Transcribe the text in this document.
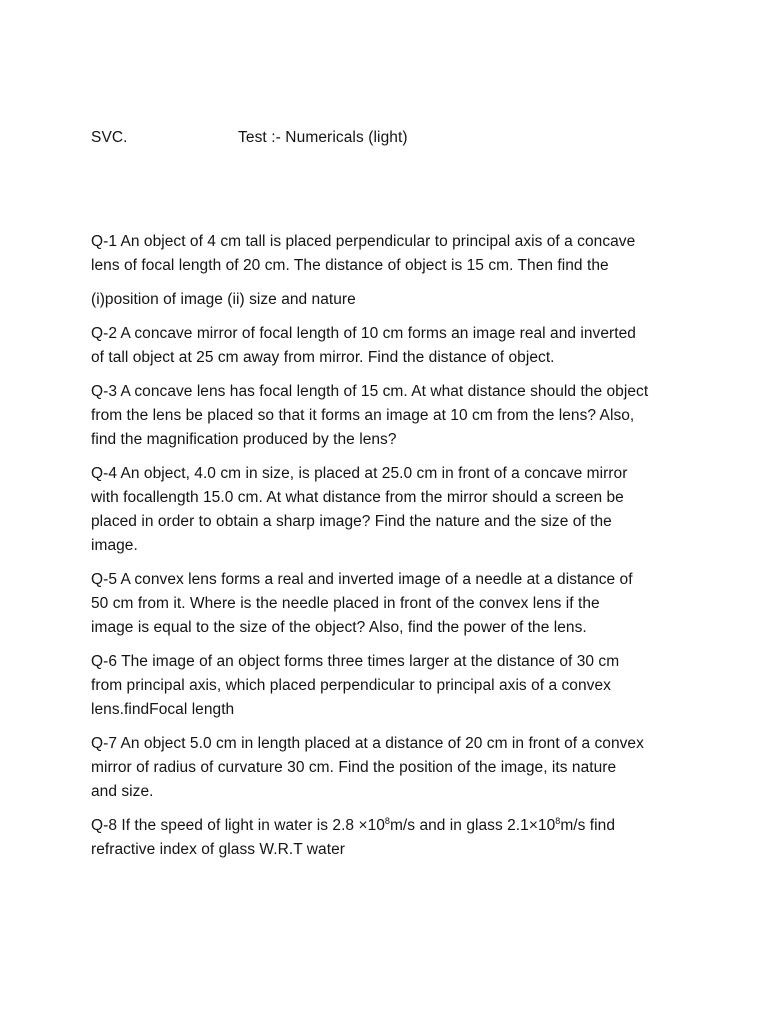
SVC.	Test :- Numericals (light)
Q-1 An object of 4 cm tall is placed perpendicular to principal axis of a concave
lens of focal length of 20 cm. The distance of object is 15 cm. Then find the
(i)position of image (ii) size and nature
Q-2 A concave mirror of focal length of 10 cm forms an image real and inverted
of tall object at 25 cm away from mirror. Find the distance of object.
Q-3 A concave lens has focal length of 15 cm. At what distance should the object
from the lens be placed so that it forms an image at 10 cm from the lens? Also,
find the magnification produced by the lens?
Q-4 An object, 4.0 cm in size, is placed at 25.0 cm in front of a concave mirror
with focallength 15.0 cm. At what distance from the mirror should a screen be
placed in order to obtain a sharp image? Find the nature and the size of the
image.
Q-5 A convex lens forms a real and inverted image of a needle at a distance of
50 cm from it. Where is the needle placed in front of the convex lens if the
image is equal to the size of the object? Also, find the power of the lens.
Q-6 The image of an object forms three times larger at the distance of 30 cm
from principal axis, which placed perpendicular to principal axis of a convex
lens.findFocal length
Q-7 An object 5.0 cm in length placed at a distance of 20 cm in front of a convex
mirror of radius of curvature 30 cm. Find the position of the image, its nature
and size.
Q-8 If the speed of light in water is $2.8 \times 10^8m/s$ and in glass $2.1\times 10^8m/s$ find
refractive index of glass W.R.T water
